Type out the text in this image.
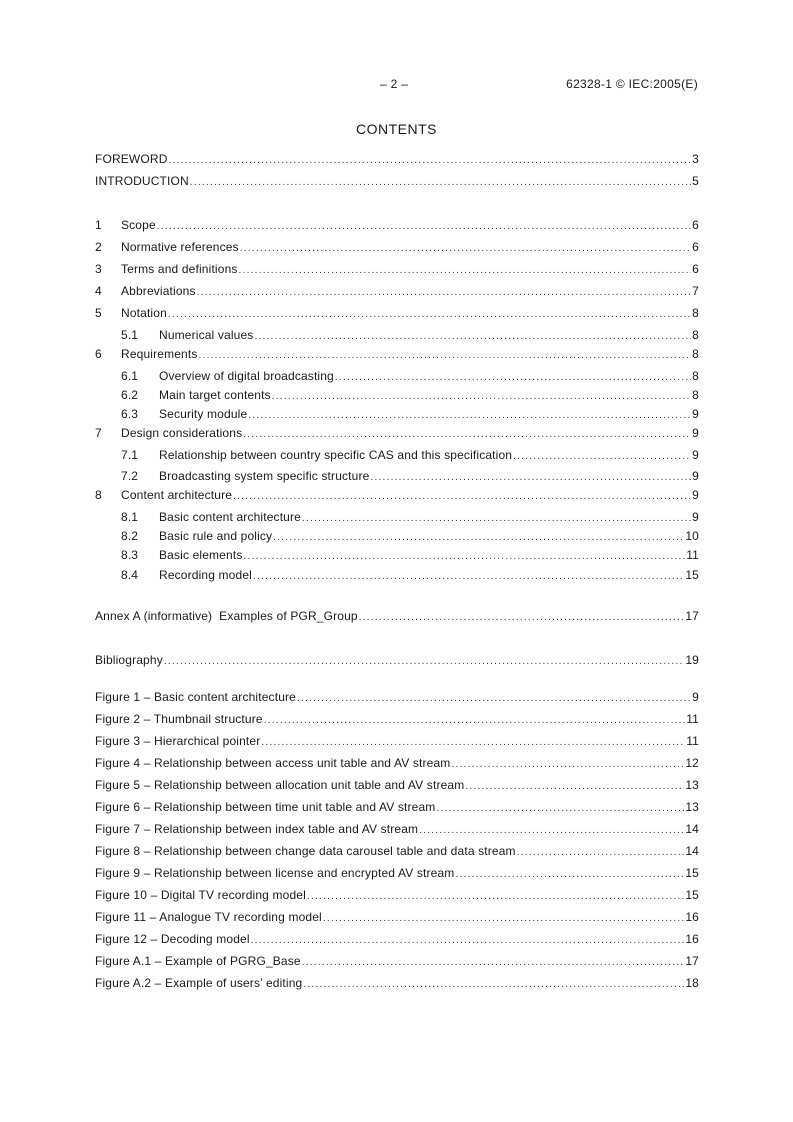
– 2 –	62328-1 © IEC:2005(E)
CONTENTS
FOREWORD .....	3
INTRODUCTION .....	5
1	Scope .....	6
2	Normative references .....	6
3	Terms and definitions .....	6
4	Abbreviations .....	7
5	Notation .....	8
5.1	Numerical values .....	8
6	Requirements .....	8
6.1	Overview of digital broadcasting .....	8
6.2	Main target contents .....	8
6.3	Security module .....	9
7	Design considerations .....	9
7.1	Relationship between country specific CAS and this specification .....	9
7.2	Broadcasting system specific structure .....	9
8	Content architecture .....	9
8.1	Basic content architecture .....	9
8.2	Basic rule and policy .....	10
8.3	Basic elements .....	11
8.4	Recording model .....	15
Annex A (informative)  Examples of PGR_Group .....	17
Bibliography .....	19
Figure 1 – Basic content architecture .....	9
Figure 2 – Thumbnail structure .....	11
Figure 3 – Hierarchical pointer .....	11
Figure 4 – Relationship between access unit table and AV stream .....	12
Figure 5 – Relationship between allocation unit table and AV stream .....	13
Figure 6 – Relationship between time unit table and AV stream .....	13
Figure 7 – Relationship between index table and AV stream .....	14
Figure 8 – Relationship between change data carousel table and data stream .....	14
Figure 9 – Relationship between license and encrypted AV stream .....	15
Figure 10 – Digital TV recording model .....	15
Figure 11 – Analogue TV recording model .....	16
Figure 12 – Decoding model .....	16
Figure A.1 – Example of PGRG_Base .....	17
Figure A.2 – Example of users’ editing .....	18
